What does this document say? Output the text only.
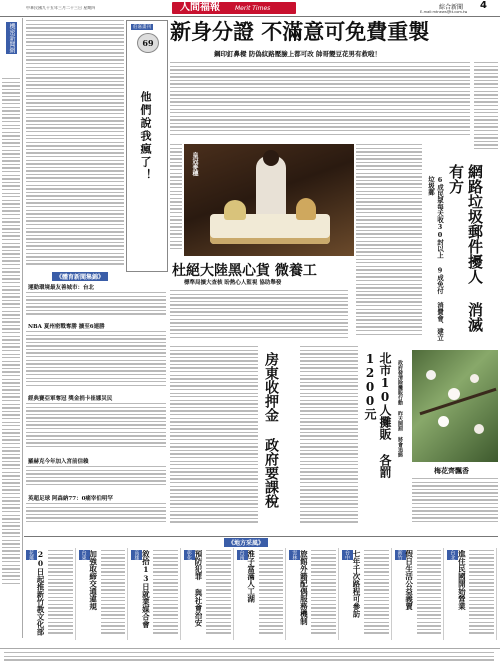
中華民國九十五年三月二十三日 星期四	人間福報	Merit Times	綜合新聞 4
E-mail:mtnews@tt.com.tw
機密新聞網	伯嘉畫刊
69
他們說我瘋了！
新身分證 不滿意可免費重製
鋼印釘鼻樑 防偽紋路壓臉上都可改 帥哥變豆花男有救啦！
皇冠麥穗
杜絕大陸黑心貨 微養工
標準局擴大查核 盼熱心人監視 協助舉發	6成民眾每天收30封以上 9成免付 消費會、建立垃圾郵	網路垃圾郵件擾人 消滅有方
《體育新聞集錦》
運動環境最友善城市：台北
NBA 夏州密戰奪勝 擴至6連勝
經典賽亞軍奪冠 獎金捐卡崔娜災民
羅赫克今年加入宮前信賴
英超足球 阿森納77：0痛宰伯明罕	房東收押金 政府要課稅	北市10人攤販 各罰1200元	政府發清除攤販行動 昨天開罰 將會追緝
梅花齊飄香
《地方采風》
花蓮 20日起推新竹教文化部	台東 加強取締交通違規	高雄 敘拾13日就業媒合會	彰化 預防犯罪 與社會治安	台南 淮子富滿人工湖	雲林 旅館外籍配偶服務機制	台中 七年千次路程可參訪	新竹 假日生活公益義賣	台北 進住民國開始營業
